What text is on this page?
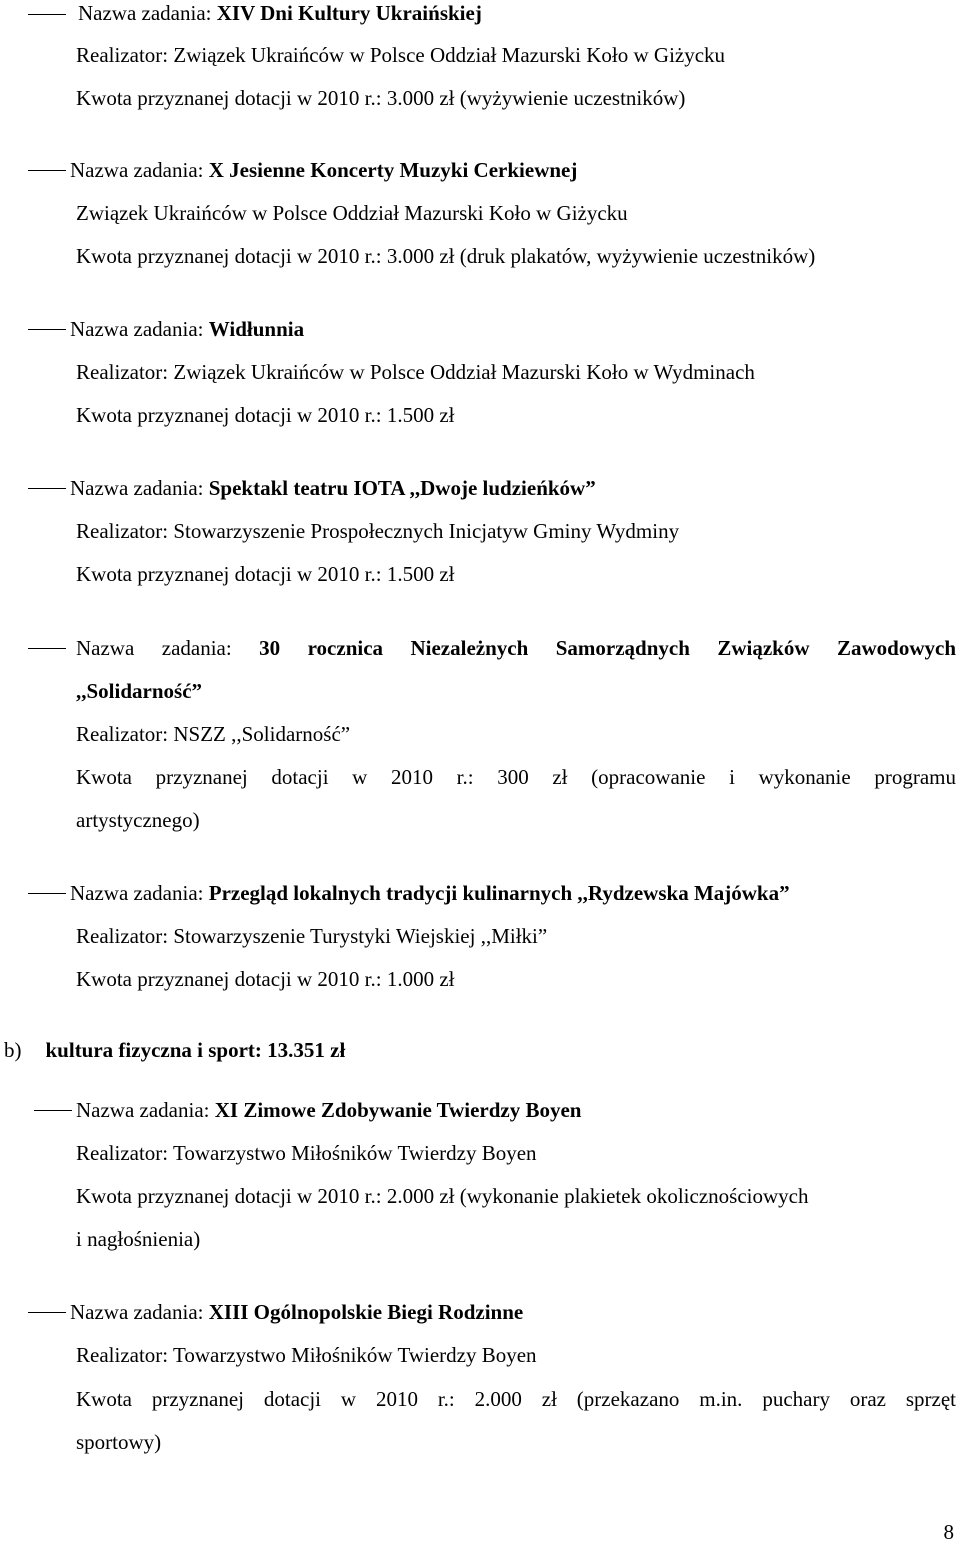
Nazwa zadania: XIV Dni Kultury Ukraińskiej
Realizator: Związek Ukraińców w Polsce Oddział Mazurski Koło w Giżycku
Kwota przyznanej dotacji w 2010 r.: 3.000 zł (wyżywienie uczestników)
Nazwa zadania: X Jesienne Koncerty Muzyki Cerkiewnej
Związek Ukraińców w Polsce Oddział Mazurski Koło w Giżycku
Kwota przyznanej dotacji w 2010 r.: 3.000 zł (druk plakatów, wyżywienie uczestników)
Nazwa zadania: Widłunnia
Realizator: Związek Ukraińców w Polsce Oddział Mazurski Koło w Wydminach
Kwota przyznanej dotacji w 2010 r.: 1.500 zł
Nazwa zadania: Spektakl teatru IOTA ,,Dwoje ludzieńków”
Realizator: Stowarzyszenie Prospołecznych Inicjatyw Gminy Wydminy
Kwota przyznanej dotacji w 2010 r.: 1.500 zł
Nazwa zadania: 30 rocznica Niezależnych Samorządnych Związków Zawodowych
,,Solidarność”
Realizator: NSZZ ,,Solidarność”
Kwota przyznanej dotacji w 2010 r.: 300 zł (opracowanie i wykonanie programu
artystycznego)
Nazwa zadania: Przegląd lokalnych tradycji kulinarnych ,,Rydzewska Majówka”
Realizator: Stowarzyszenie Turystyki Wiejskiej ,,Miłki”
Kwota przyznanej dotacji w 2010 r.: 1.000 zł
b) kultura fizyczna i sport: 13.351 zł
Nazwa zadania: XI Zimowe Zdobywanie Twierdzy Boyen
Realizator: Towarzystwo Miłośników Twierdzy Boyen
Kwota przyznanej dotacji w 2010 r.: 2.000 zł (wykonanie plakietek okolicznościowych
i nagłośnienia)
Nazwa zadania: XIII Ogólnopolskie Biegi Rodzinne
Realizator: Towarzystwo Miłośników Twierdzy Boyen
Kwota przyznanej dotacji w 2010 r.: 2.000 zł (przekazano m.in. puchary oraz sprzęt
sportowy)
8
